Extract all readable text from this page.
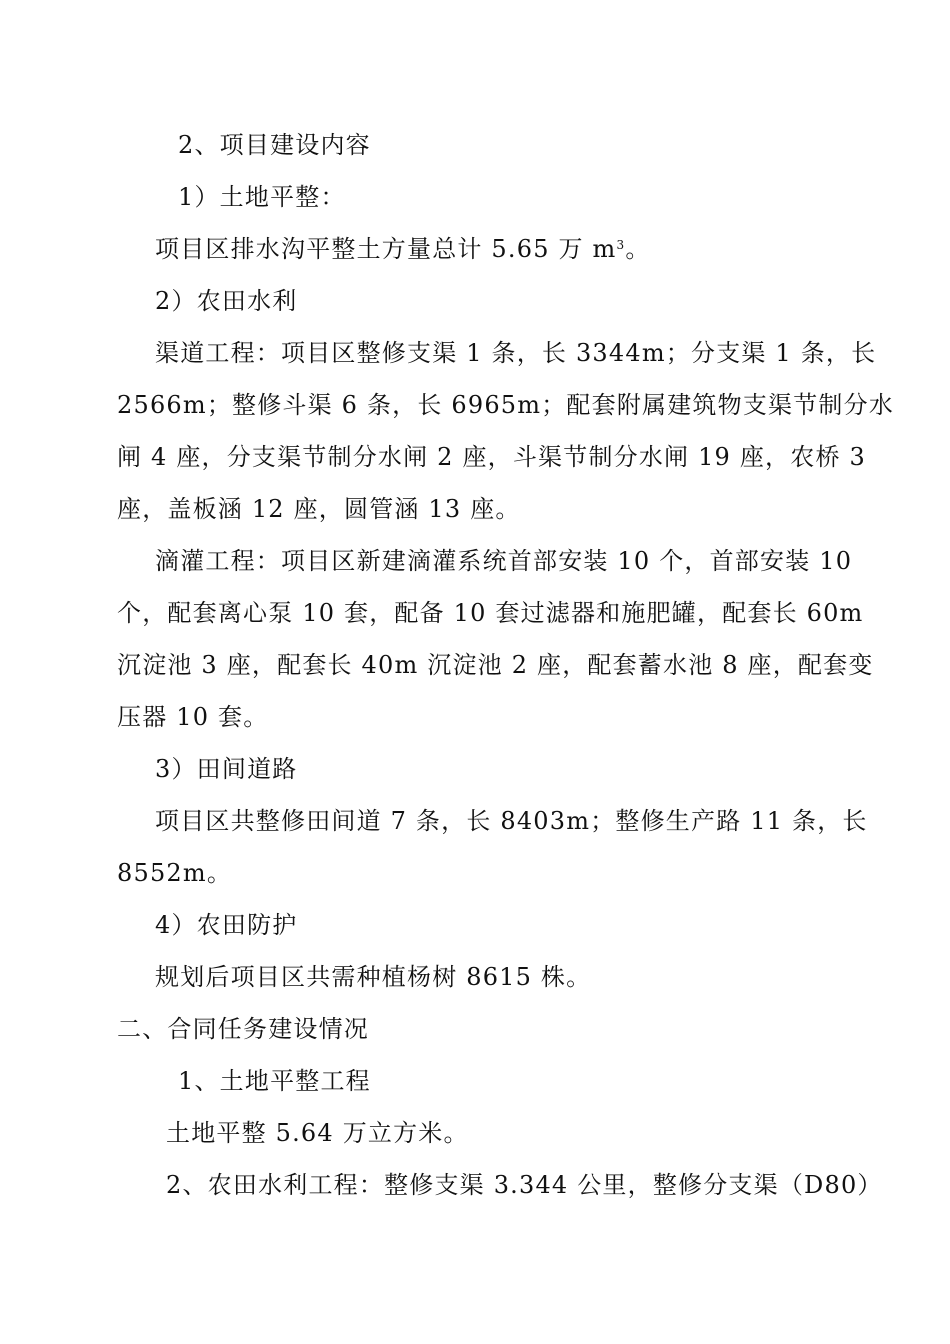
2、项目建设内容
1）土地平整：
项目区排水沟平整土方量总计 5.65 万 $m^3$。
2）农田水利
渠道工程：项目区整修支渠 1 条，长 3344m；分支渠 1 条，长
2566m；整修斗渠 6 条，长 6965m；配套附属建筑物支渠节制分水
闸 4 座，分支渠节制分水闸 2 座，斗渠节制分水闸 19 座，农桥 3
座，盖板涵 12 座，圆管涵 13 座。
滴灌工程：项目区新建滴灌系统首部安装 10 个，首部安装 10
个，配套离心泵 10 套，配备 10 套过滤器和施肥罐，配套长 60m
沉淀池 3 座，配套长 40m 沉淀池 2 座，配套蓄水池 8 座，配套变
压器 10 套。
3）田间道路
项目区共整修田间道 7 条，长 8403m；整修生产路 11 条，长
8552m。
4）农田防护
规划后项目区共需种植杨树 8615 株。
二、合同任务建设情况
1、土地平整工程
土地平整 5.64 万立方米。
2、农田水利工程：整修支渠 3.344 公里，整修分支渠（D80）
